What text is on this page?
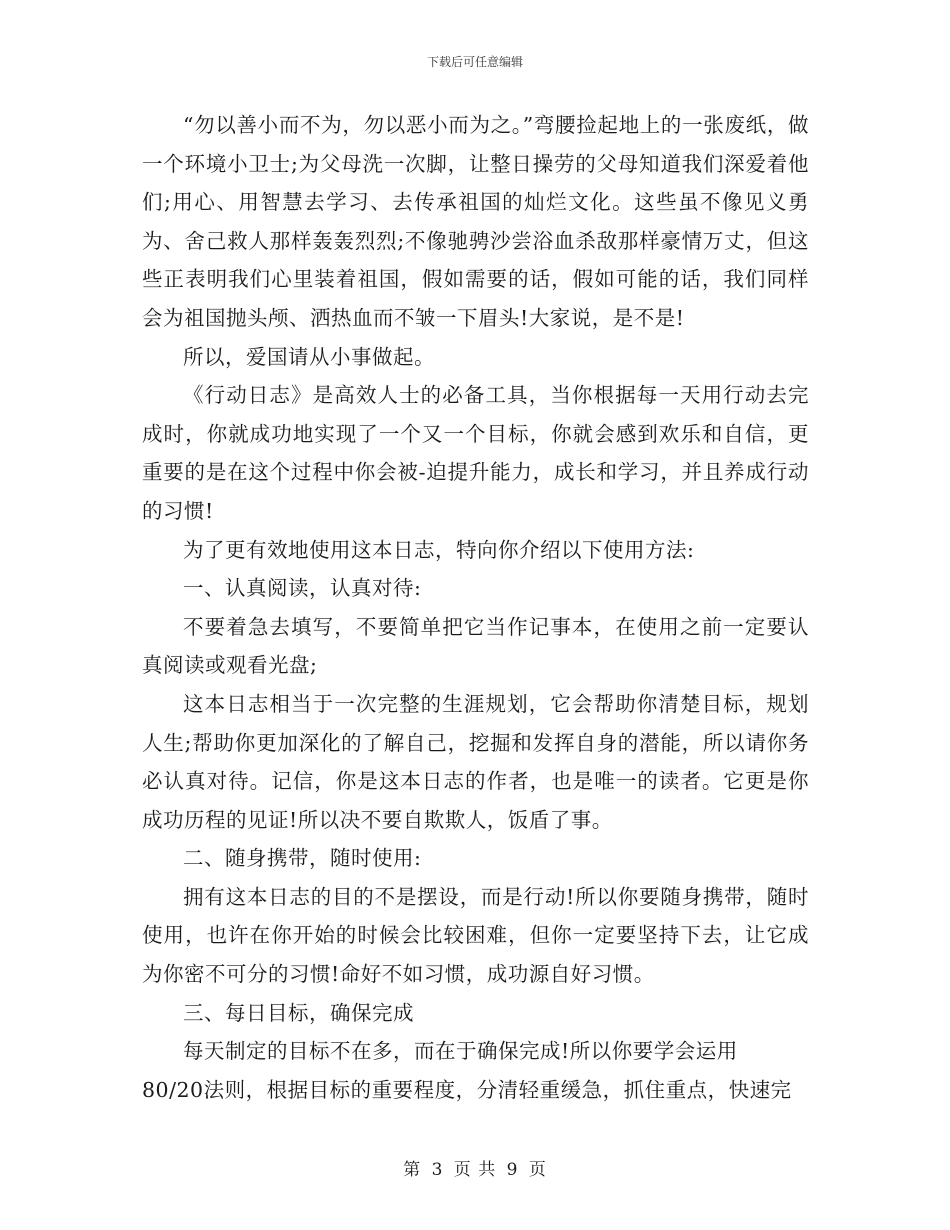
下载后可任意编辑

“勿以善小而不为，勿以恶小而为之。”弯腰捡起地上的一张废纸，做一个环境小卫士;为父母洗一次脚，让整日操劳的父母知道我们深爱着他们;用心、用智慧去学习、去传承祖国的灿烂文化。这些虽不像见义勇为、舍己救人那样轰轰烈烈;不像驰骋沙尝浴血杀敌那样豪情万丈，但这些正表明我们心里装着祖国，假如需要的话，假如可能的话，我们同样会为祖国抛头颅、洒热血而不皱一下眉头!大家说，是不是!

所以，爱国请从小事做起。

《行动日志》是高效人士的必备工具，当你根据每一天用行动去完成时，你就成功地实现了一个又一个目标，你就会感到欢乐和自信，更重要的是在这个过程中你会被-迫提升能力，成长和学习，并且养成行动的习惯!

为了更有效地使用这本日志，特向你介绍以下使用方法:

一、认真阅读，认真对待:

不要着急去填写，不要简单把它当作记事本，在使用之前一定要认真阅读或观看光盘;

这本日志相当于一次完整的生涯规划，它会帮助你清楚目标，规划人生;帮助你更加深化的了解自己，挖掘和发挥自身的潜能，所以请你务必认真对待。记信，你是这本日志的作者，也是唯一的读者。它更是你成功历程的见证!所以决不要自欺欺人，饭盾了事。

二、随身携带，随时使用:

拥有这本日志的目的不是摆设，而是行动!所以你要随身携带，随时使用，也许在你开始的时候会比较困难，但你一定要坚持下去，让它成为你密不可分的习惯!命好不如习惯，成功源自好习惯。

三、每日目标，确保完成

每天制定的目标不在多，而在于确保完成!所以你要学会运用

80/20法则，根据目标的重要程度，分清轻重缓急，抓住重点，快速完

第 3 页 共 9 页
